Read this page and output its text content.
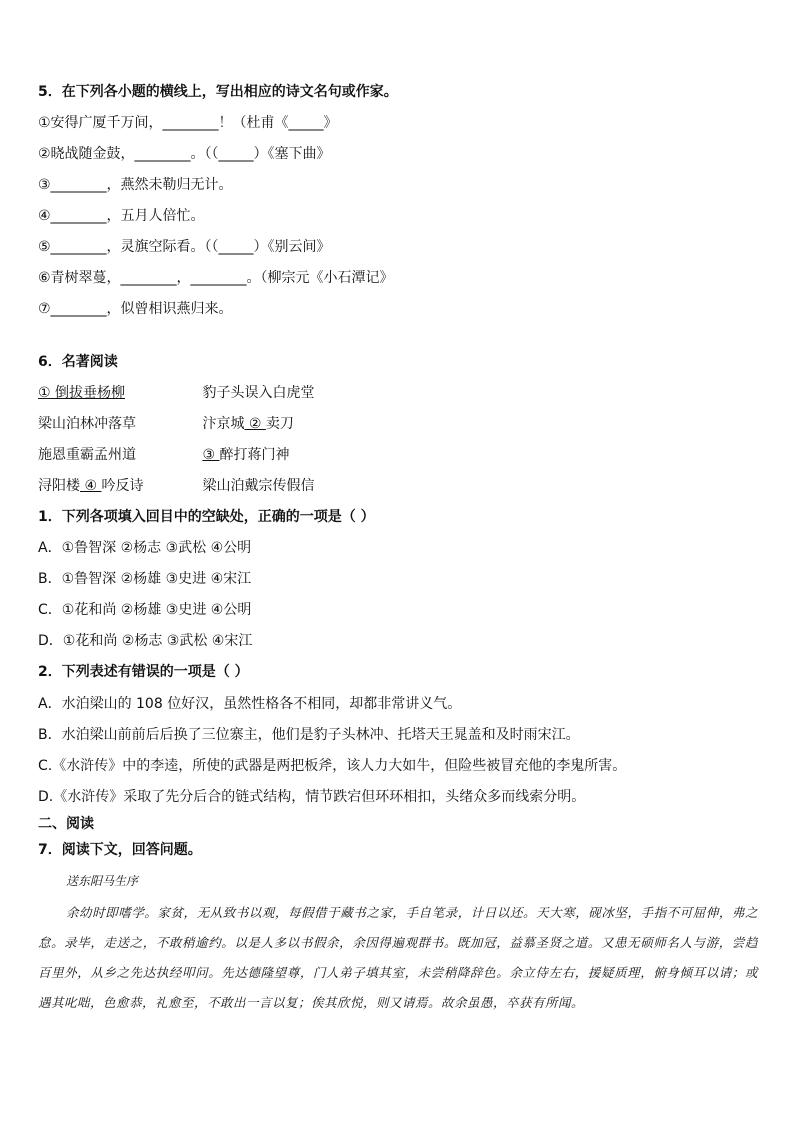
5．在下列各小题的横线上，写出相应的诗文名句或作家。
①安得广厦千万间，________！（杜甫《_____》
②晓战随金鼓，________。（（_____）《塞下曲》
③________，燕然未勒归无计。
④________，五月人倍忙。
⑤________，灵旗空际看。（（_____）《别云间》
⑥青树翠蔓，________，________。（柳宗元《小石潭记》
⑦________，似曾相识燕归来。
6．名著阅读
① 倒拔垂杨柳	豹子头误入白虎堂
梁山泊林冲落草	汴京城 ② 卖刀
施恩重霸孟州道	③ 醉打蒋门神
浔阳楼 ④ 吟反诗	梁山泊戴宗传假信
1．下列各项填入回目中的空缺处，正确的一项是（ ）
A．①鲁智深 ②杨志 ③武松 ④公明
B．①鲁智深 ②杨雄 ③史进 ④宋江
C．①花和尚 ②杨雄 ③史进 ④公明
D．①花和尚 ②杨志 ③武松 ④宋江
2．下列表述有错误的一项是（ ）
A．水泊梁山的 108 位好汉，虽然性格各不相同，却都非常讲义气。
B．水泊梁山前前后后换了三位寨主，他们是豹子头林冲、托塔天王晁盖和及时雨宋江。
C.《水浒传》中的李逵，所使的武器是两把板斧，该人力大如牛，但险些被冒充他的李鬼所害。
D.《水浒传》采取了先分后合的链式结构，情节跌宕但环环相扣，头绪众多而线索分明。
二、阅读
7．阅读下文，回答问题。
送东阳马生序
余幼时即嗜学。家贫，无从致书以观，每假借于藏书之家，手自笔录，计日以还。天大寒，砚冰坚，手指不可屈伸，弗之怠。录毕，走送之，不敢稍逾约。以是人多以书假余，余因得遍观群书。既加冠，益慕圣贤之道。又患无硕师名人与游，尝趋百里外，从乡之先达执经叩问。先达德隆望尊，门人弟子填其室，未尝稍降辞色。余立侍左右，援疑质理，俯身倾耳以请；或遇其叱咄，色愈恭，礼愈至，不敢出一言以复；俟其欣悦，则又请焉。故余虽愚，卒获有所闻。
